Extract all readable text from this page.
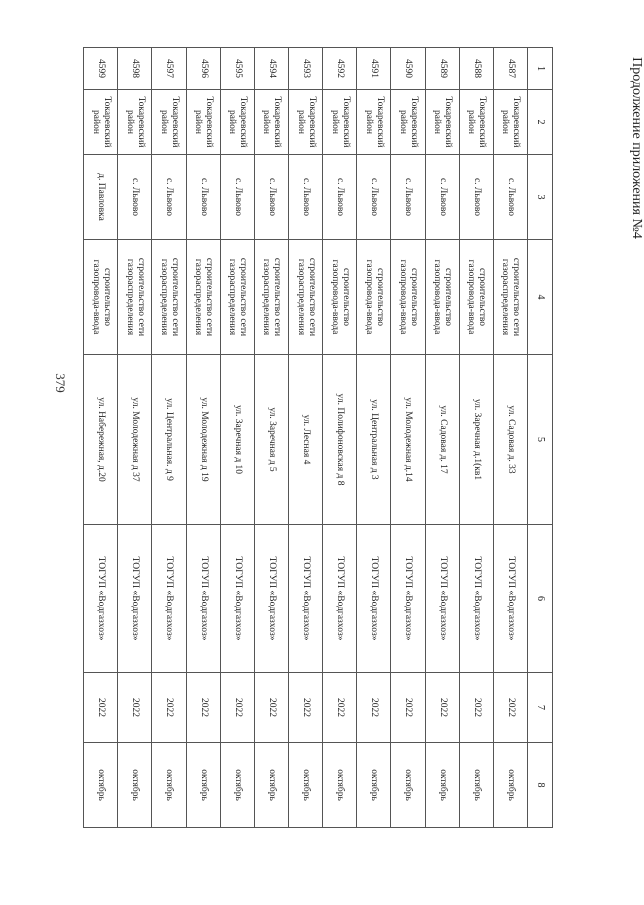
379
Продолжение приложения №4
1	2	3	4	5	6	7	8
4587	Токаревский район	с. Львово	строительство сети газораспределения	ул. Садовая д. 33	ТОГУП «Водгазхоз»	2022	октябрь
4588	Токаревский район	с. Львово	строительство газопровода-ввода	ул. Заречная д.1(кв1	ТОГУП «Водгазхоз»	2022	октябрь
4589	Токаревский район	с. Львово	строительство газопровода-ввода	ул. Садовая д. 17	ТОГУП «Водгазхоз»	2022	октябрь
4590	Токаревский район	с. Львово	строительство газопровода-ввода	ул. Молодежная д.14	ТОГУП «Водгазхоз»	2022	октябрь
4591	Токаревский район	с. Львово	строительство газопровода-ввода	ул. Центральная д 3	ТОГУП «Водгазхоз»	2022	октябрь
4592	Токаревский район	с. Львово	строительство газопровода-ввода	ул. Полифоновская д 8	ТОГУП «Водгазхоз»	2022	октябрь
4593	Токаревский район	с. Львово	строительство сети газораспределения	ул. Лесная 4	ТОГУП «Водгазхоз»	2022	октябрь
4594	Токаревский район	с. Львово	строительство сети газораспределения	ул. Заречная д 5	ТОГУП «Водгазхоз»	2022	октябрь
4595	Токаревский район	с. Львово	строительство сети газораспределения	ул. Заречная д 10	ТОГУП «Водгазхоз»	2022	октябрь
4596	Токаревский район	с. Львово	строительство сети газораспределения	ул. Молодежная д 19	ТОГУП «Водгазхоз»	2022	октябрь
4597	Токаревский район	с. Львово	строительство сети газораспределения	ул. Центральная. д 9	ТОГУП «Водгазхоз»	2022	октябрь
4598	Токаревский район	с. Львово	строительство сети газораспределения	ул. Молодежная д 37	ТОГУП «Водгазхоз»	2022	октябрь
4599	Токаревский район	д. Павловка	строительство газопровода-ввода	ул. Набережная, д.20	ТОГУП «Водгазхоз»	2022	октябрь
